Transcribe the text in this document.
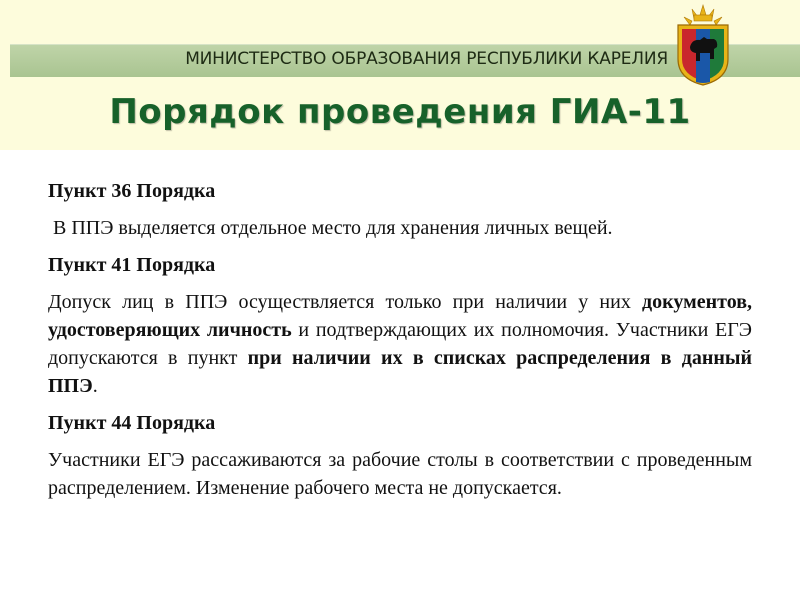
МИНИСТЕРСТВО ОБРАЗОВАНИЯ РЕСПУБЛИКИ КАРЕЛИЯ
Порядок проведения ГИА-11

Пункт 36 Порядка

В ППЭ выделяется отдельное место для хранения личных вещей.

Пункт 41 Порядка

Допуск лиц в ППЭ осуществляется только при наличии у них документов, удостоверяющих личность и подтверждающих их полномочия. Участники ЕГЭ допускаются в пункт при наличии их в списках распределения в данный ППЭ.

Пункт 44 Порядка

Участники ЕГЭ рассаживаются за рабочие столы в соответствии с проведенным распределением. Изменение рабочего места не допускается.
